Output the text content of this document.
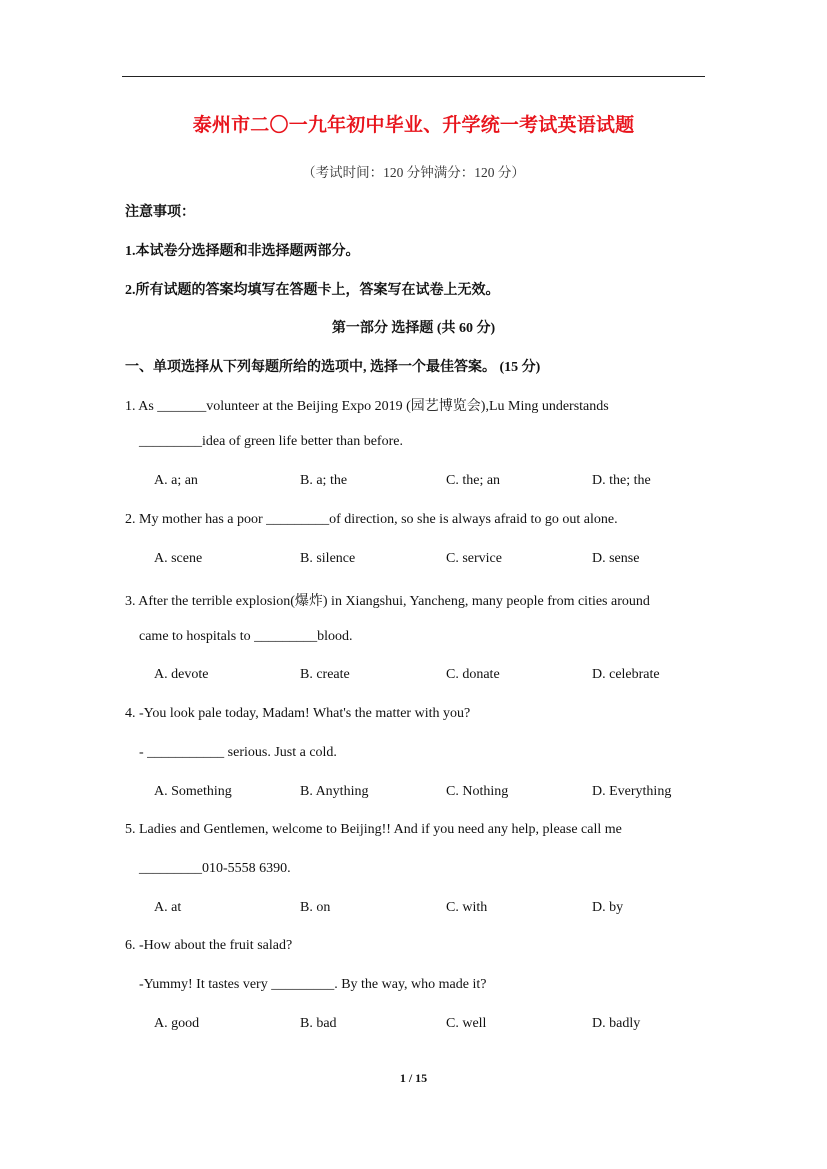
泰州市二〇一九年初中毕业、升学统一考试英语试题
（考试时间：120 分钟满分：120 分）
注意事项：
1.本试卷分选择题和非选择题两部分。
2.所有试题的答案均填写在答题卡上，答案写在试卷上无效。
第一部分 选择题 (共 60 分)
一、单项选择从下列每题所给的选项中, 选择一个最佳答案。 (15 分)
1. As _______volunteer at the Beijing Expo 2019 (园艺博览会),Lu Ming understands
_________idea of green life better than before.
A. a; an	B. a; the	C. the; an	D. the; the
2. My mother has a poor _________of direction, so she is always afraid to go out alone.
A. scene	B. silence	C. service	D. sense
3. After the terrible explosion(爆炸) in Xiangshui, Yancheng, many people from cities around
came to hospitals to _________blood.
A. devote	B. create	C. donate	D. celebrate
4. -You look pale today, Madam! What's the matter with you?
- ___________ serious. Just a cold.
A. Something	B. Anything	C. Nothing	D. Everything
5. Ladies and Gentlemen, welcome to Beijing!! And if you need any help, please call me
_________010-5558 6390.
A. at	B. on	C. with	D. by
6. -How about the fruit salad?
-Yummy! It tastes very _________. By the way, who made it?
A. good	B. bad	C. well	D. badly
1 / 15
